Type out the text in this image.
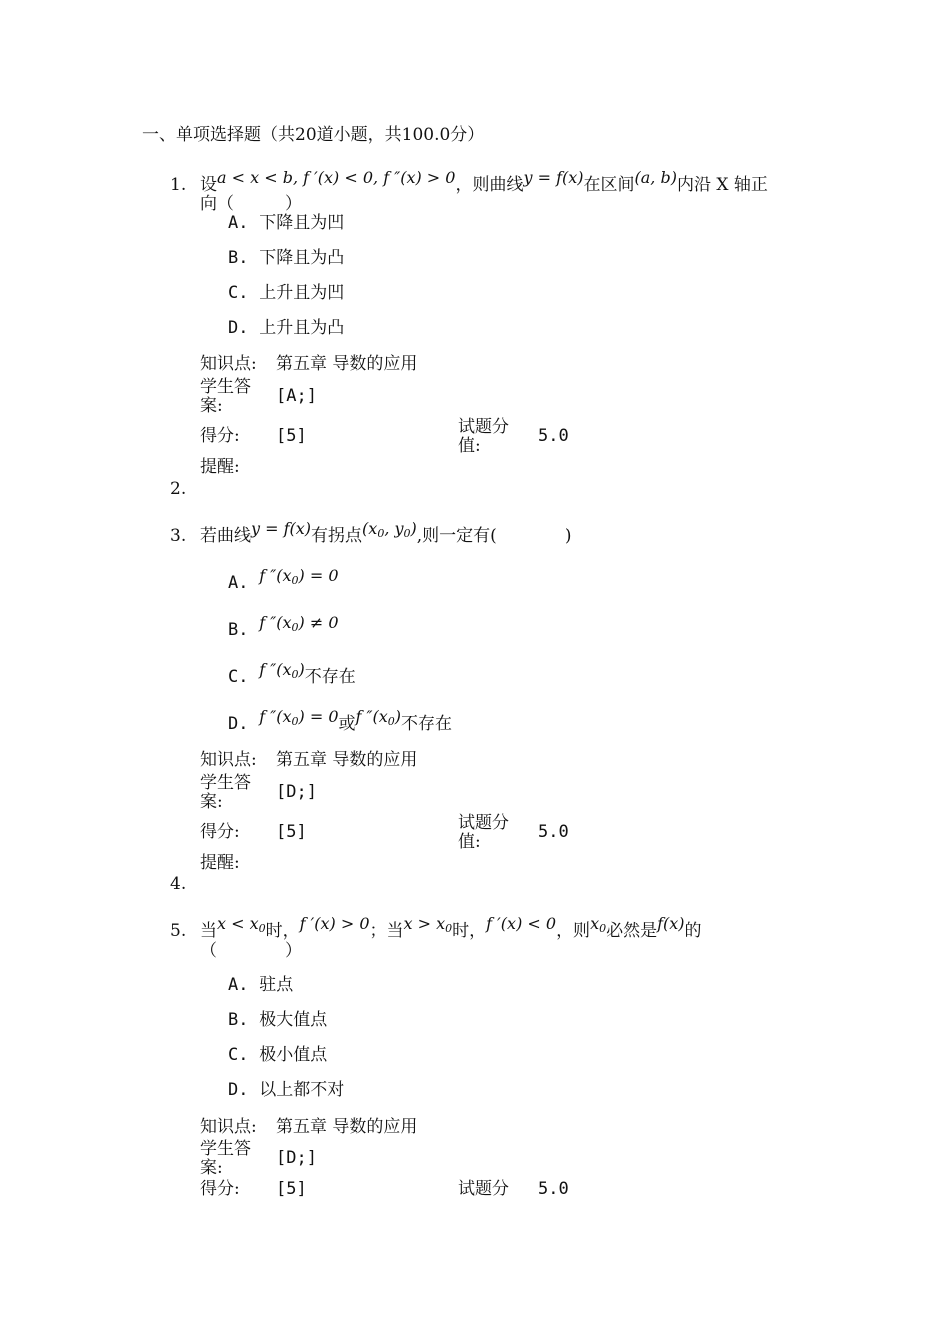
一、单项选择题（共20道小题，共100.0分）
1. 设a < x < b, f ′(x) < 0, f ″(x) > 0，则曲线y = f(x)在区间(a, b)内沿 X 轴正
向（　　　）
A. 下降且为凹
B. 下降且为凸
C. 上升且为凹
D. 上升且为凸
知识点: 第五章 导数的应用
学生答
案:	[A;]
得分: [5]	试题分
值:	5.0
提醒:
2.
3. 若曲线y = f(x)有拐点($x_0$, $y_0$),则一定有(　　　　)
A. f $''(x_0) = 0$
B. f $''(x_0) \ne 0$
C. f $''(x_0)$不存在
D. f $''(x_0) = 0$或f $''(x_0)$不存在
知识点: 第五章 导数的应用
学生答
案:	[D;]
得分: [5]	试题分
值:	5.0
提醒:
4.
5. 当$x < x_0$时，f ′(x) > 0；当$x > x_0$时，f ′(x) < 0，则$x_0$必然是f(x)的
（　　　　）
A. 驻点
B. 极大值点
C. 极小值点
D. 以上都不对
知识点: 第五章 导数的应用
学生答
案:	[D;]
得分: [5]	试题分 5.0
